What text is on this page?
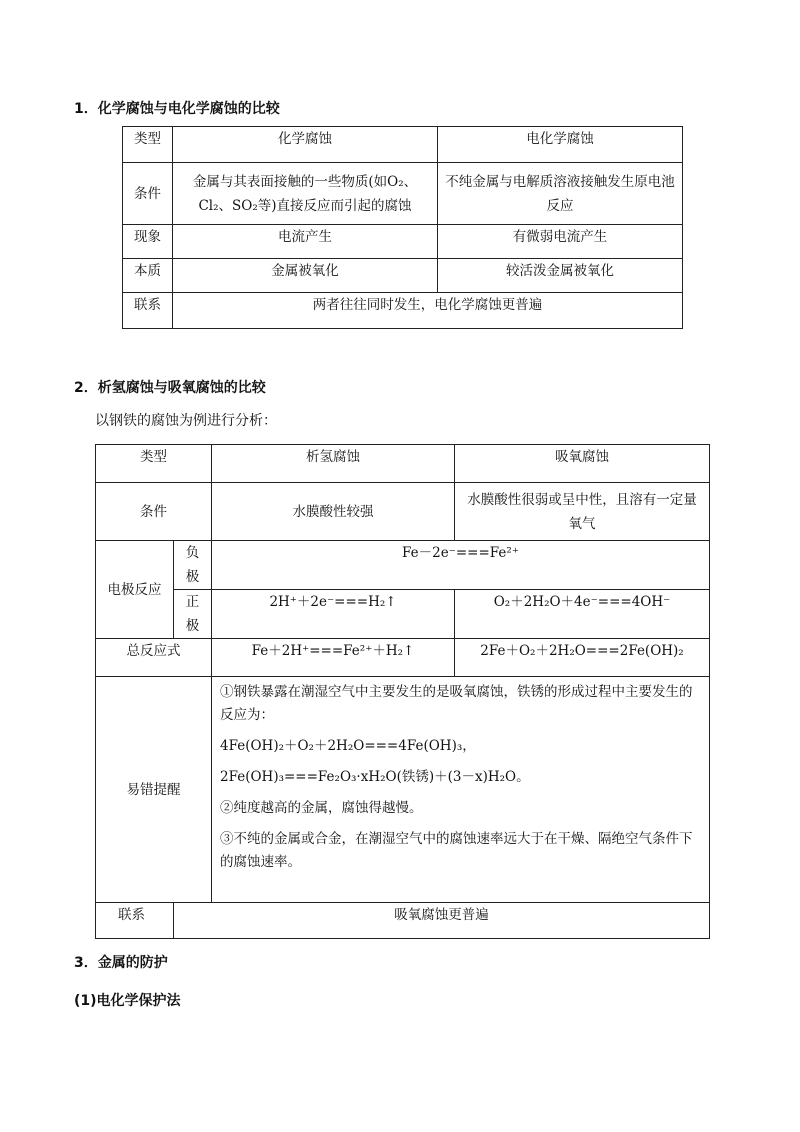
1．化学腐蚀与电化学腐蚀的比较
类型	化学腐蚀	电化学腐蚀
条件	金属与其表面接触的一些物质(如O₂、Cl₂、SO₂等)直接反应而引起的腐蚀	不纯金属与电解质溶液接触发生原电池反应
现象	电流产生	有微弱电流产生
本质	金属被氧化	较活泼金属被氧化
联系	两者往往同时发生，电化学腐蚀更普遍	
2．析氢腐蚀与吸氧腐蚀的比较
以钢铁的腐蚀为例进行分析：
类型		析氢腐蚀	吸氧腐蚀
条件		水膜酸性较强	水膜酸性很弱或呈中性，且溶有一定量氧气
电极反应	负极	Fe－2e⁻===Fe²⁺	
	正极	2H⁺＋2e⁻===H₂↑	O₂＋2H₂O＋4e⁻===4OH⁻
总反应式		Fe＋2H⁺===Fe²⁺＋H₂↑	2Fe＋O₂＋2H₂O===2Fe(OH)₂
易错提醒		①钢铁暴露在潮湿空气中主要发生的是吸氧腐蚀，铁锈的形成过程中主要发生的反应为：

4Fe(OH)₂＋O₂＋2H₂O===4Fe(OH)₃，

2Fe(OH)₃===Fe₂O₃·xH₂O(铁锈)＋(3－x)H₂O。

②纯度越高的金属，腐蚀得越慢。

③不纯的金属或合金，在潮湿空气中的腐蚀速率远大于在干燥、隔绝空气条件下的腐蚀速率。	

联系	吸氧腐蚀更普遍		
3．金属的防护
(1)电化学保护法
